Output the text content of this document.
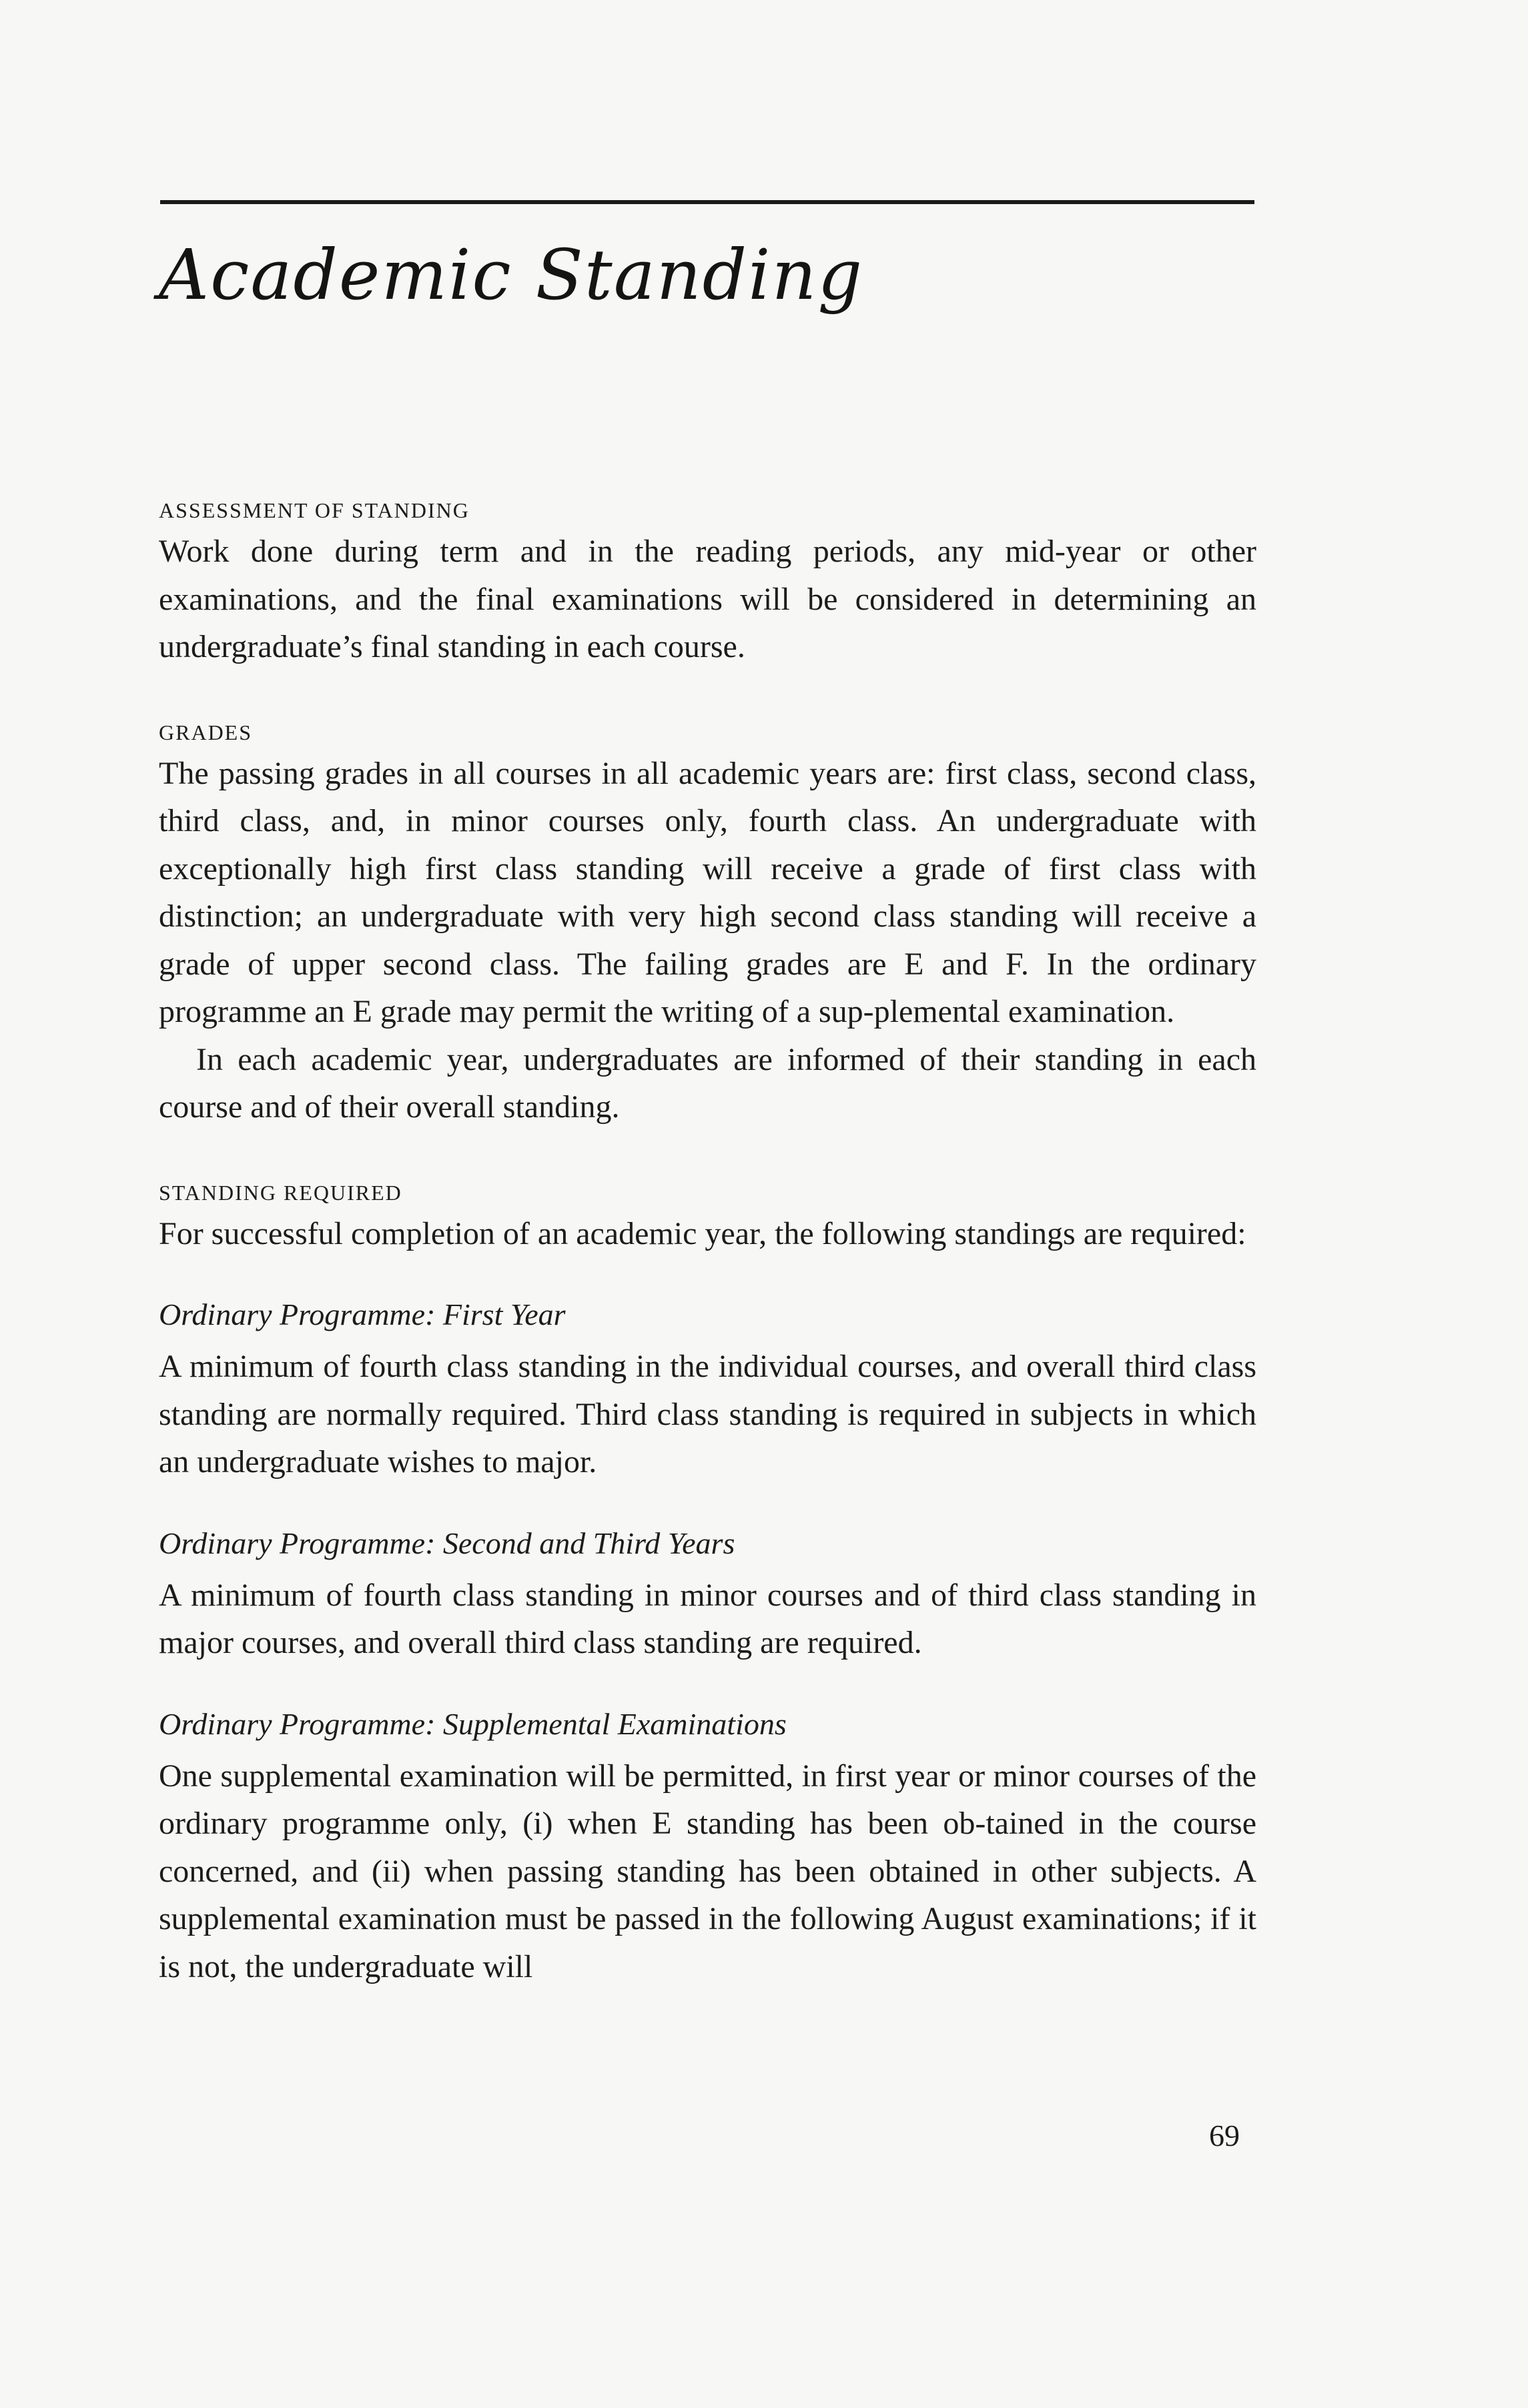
Academic Standing

ASSESSMENT OF STANDING

Work done during term and in the reading periods, any mid-year or other examinations, and the final examinations will be considered in determining an undergraduate’s final standing in each course.

GRADES

The passing grades in all courses in all academic years are: first class, second class, third class, and, in minor courses only, fourth class. An undergraduate with exceptionally high first class standing will receive a grade of first class with distinction; an undergraduate with very high second class standing will receive a grade of upper second class. The failing grades are E and F. In the ordinary programme an E grade may permit the writing of a sup-plemental examination.

In each academic year, undergraduates are informed of their standing in each course and of their overall standing.

STANDING REQUIRED

For successful completion of an academic year, the following standings are required:

Ordinary Programme: First Year

A minimum of fourth class standing in the individual courses, and overall third class standing are normally required. Third class standing is required in subjects in which an undergraduate wishes to major.

Ordinary Programme: Second and Third Years

A minimum of fourth class standing in minor courses and of third class standing in major courses, and overall third class standing are required.

Ordinary Programme: Supplemental Examinations

One supplemental examination will be permitted, in first year or minor courses of the ordinary programme only, (i) when E standing has been ob-tained in the course concerned, and (ii) when passing standing has been obtained in other subjects. A supplemental examination must be passed in the following August examinations; if it is not, the undergraduate will

69
